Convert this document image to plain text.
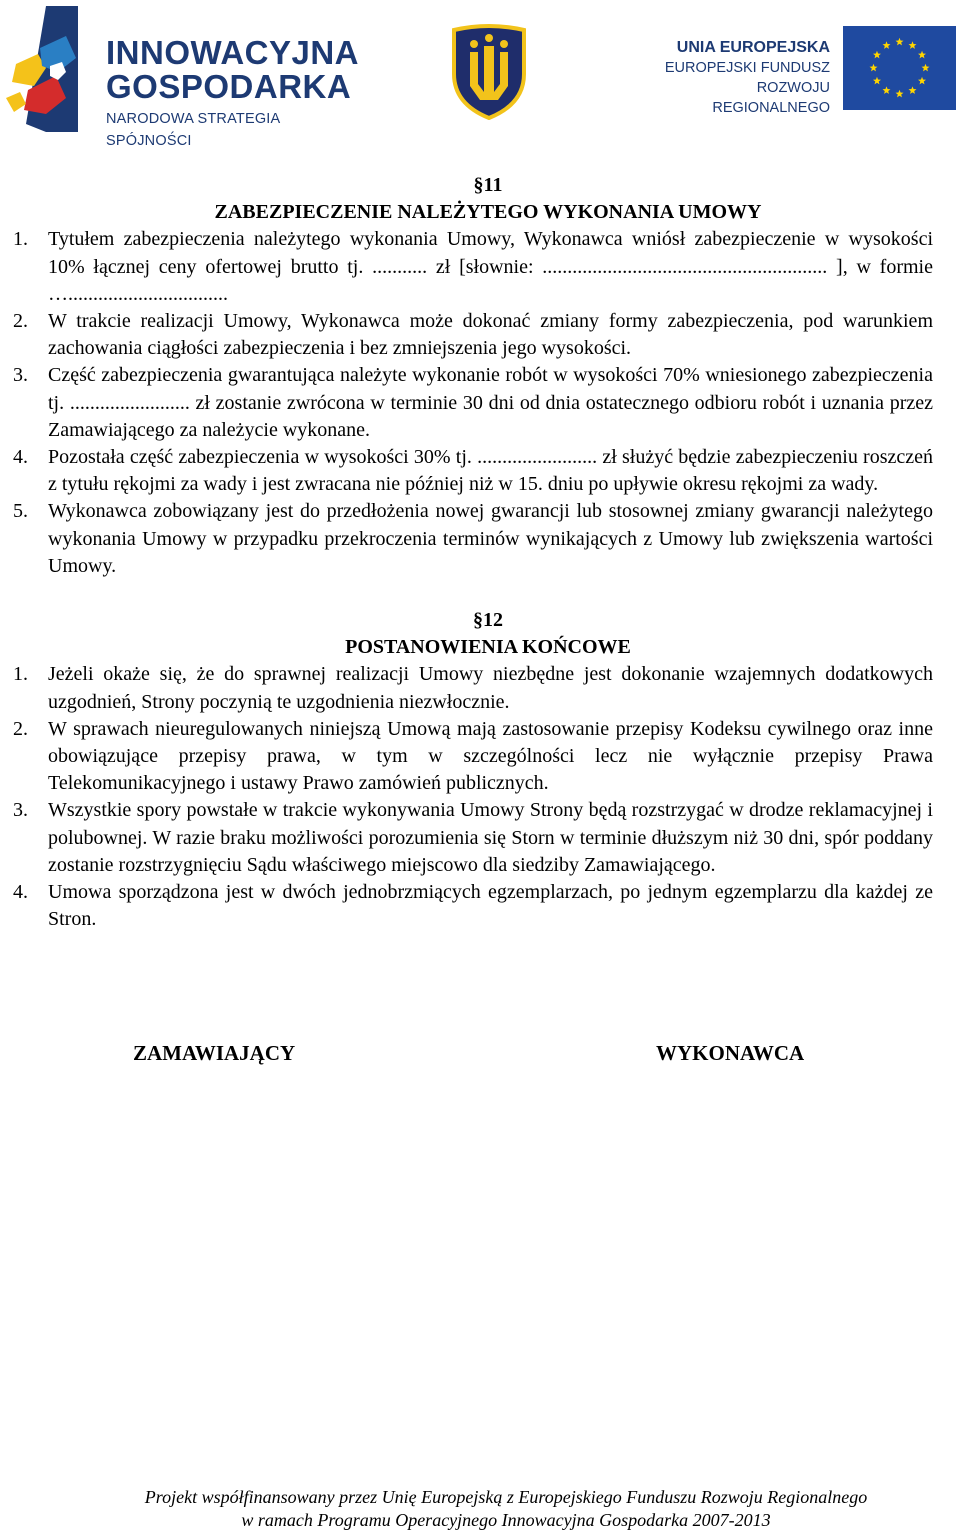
INNOWACYJNA
GOSPODARKA
NARODOWA STRATEGIA SPÓJNOŚCI
UNIA EUROPEJSKA
EUROPEJSKI FUNDUSZ
ROZWOJU REGIONALNEGO
§11
ZABEZPIECZENIE NALEŻYTEGO WYKONANIA UMOWY
1. Tytułem zabezpieczenia należytego wykonania Umowy, Wykonawca wniósł zabezpieczenie w wysokości 10% łącznej ceny ofertowej brutto tj. ........... zł [słownie: ......................................................... ], w formie …................................
2. W trakcie realizacji Umowy, Wykonawca może dokonać zmiany formy zabezpieczenia, pod warunkiem zachowania ciągłości zabezpieczenia i bez zmniejszenia jego wysokości.
3. Część zabezpieczenia gwarantująca należyte wykonanie robót w wysokości 70% wniesionego zabezpieczenia tj. ........................ zł zostanie zwrócona w terminie 30 dni od dnia ostatecznego odbioru robót i uznania przez Zamawiającego za należycie wykonane.
4. Pozostała część zabezpieczenia w wysokości 30% tj. ........................ zł służyć będzie zabezpieczeniu roszczeń z tytułu rękojmi za wady i jest zwracana nie później niż w 15. dniu po upływie okresu rękojmi za wady.
5. Wykonawca zobowiązany jest do przedłożenia nowej gwarancji lub stosownej zmiany gwarancji należytego wykonania Umowy w przypadku przekroczenia terminów wynikających z Umowy lub zwiększenia wartości Umowy.
§12
POSTANOWIENIA KOŃCOWE
1. Jeżeli okaże się, że do sprawnej realizacji Umowy niezbędne jest dokonanie wzajemnych dodatkowych uzgodnień, Strony poczynią te uzgodnienia niezwłocznie.
2. W sprawach nieuregulowanych niniejszą Umową mają zastosowanie przepisy Kodeksu cywilnego oraz inne obowiązujące przepisy prawa, w tym w szczególności lecz nie wyłącznie przepisy Prawa Telekomunikacyjnego i ustawy Prawo zamówień publicznych.
3. Wszystkie spory powstałe w trakcie wykonywania Umowy Strony będą rozstrzygać w drodze reklamacyjnej i polubownej. W razie braku możliwości porozumienia się Storn w terminie dłuższym niż 30 dni, spór poddany zostanie rozstrzygnięciu Sądu właściwego miejscowo dla siedziby Zamawiającego.
4. Umowa sporządzona jest w dwóch jednobrzmiących egzemplarzach, po jednym egzemplarzu dla każdej ze Stron.
ZAMAWIAJĄCY	WYKONAWCA
Projekt współfinansowany przez Unię Europejską z Europejskiego Funduszu Rozwoju Regionalnego
w ramach Programu Operacyjnego Innowacyjna Gospodarka 2007-2013
